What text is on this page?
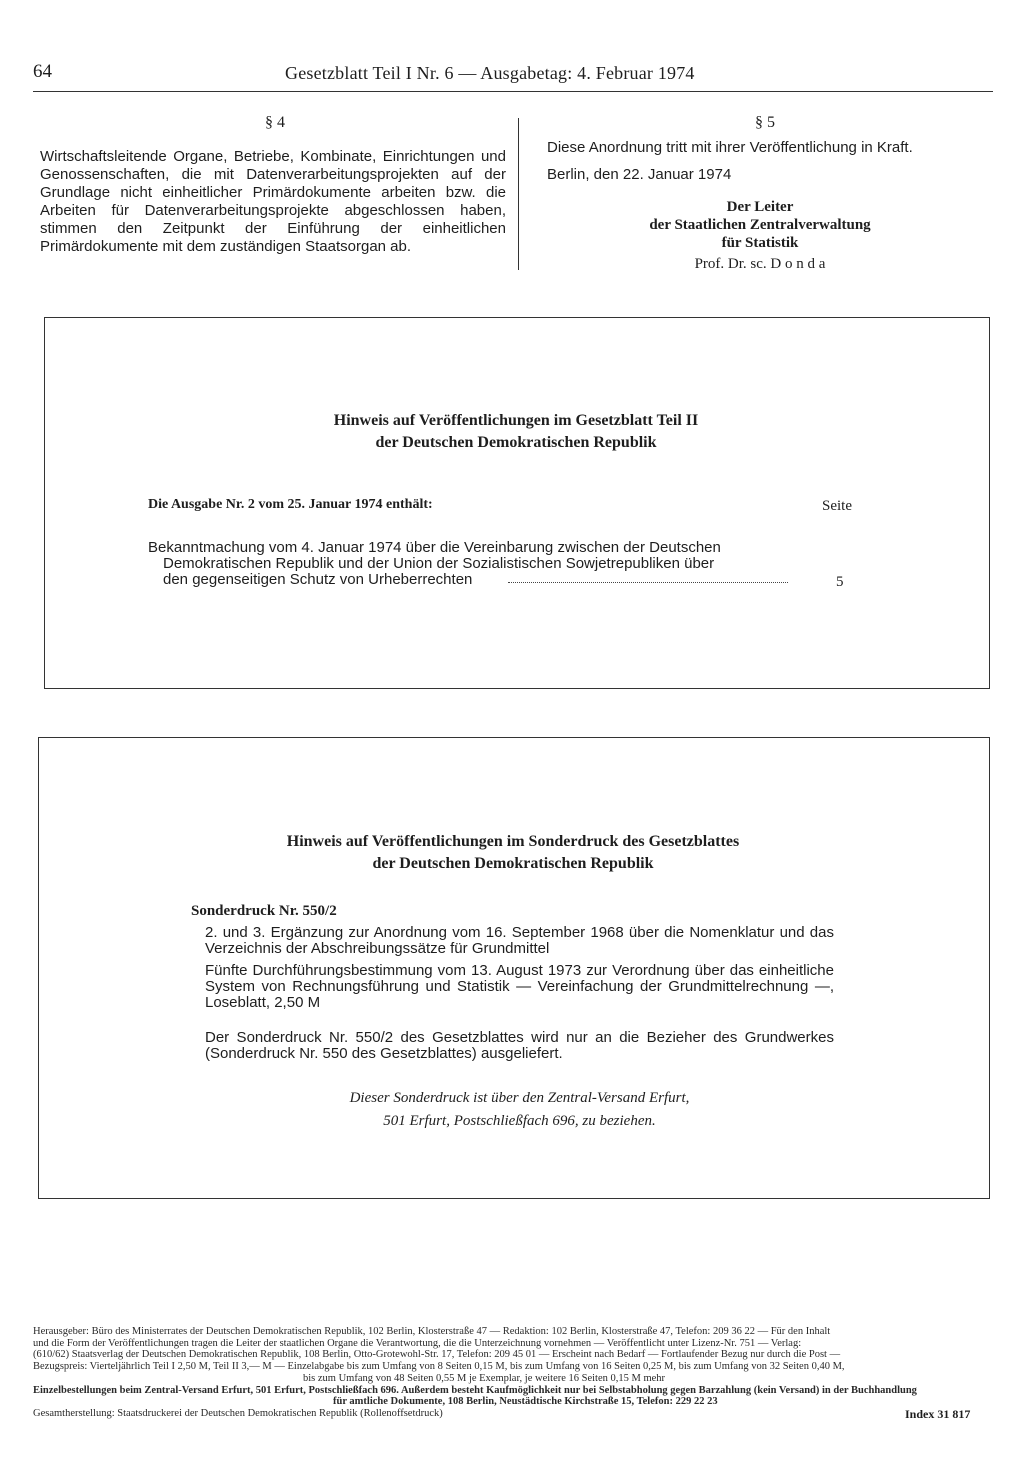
64	Gesetzblatt Teil I Nr. 6 — Ausgabetag: 4. Februar 1974
§ 4
Wirtschaftsleitende Organe, Betriebe, Kombinate, Einrichtungen und Genossenschaften, die mit Datenverarbeitungsprojekten auf der Grundlage nicht einheitlicher Primärdokumente arbeiten bzw. die Arbeiten für Datenverarbeitungsprojekte abgeschlossen haben, stimmen den Zeitpunkt der Einführung der einheitlichen Primärdokumente mit dem zuständigen Staatsorgan ab.
§ 5
Diese Anordnung tritt mit ihrer Veröffentlichung in Kraft.
Berlin, den 22. Januar 1974
Der Leiter
der Staatlichen Zentralverwaltung
für Statistik
Prof. Dr. sc. D o n d a
Hinweis auf Veröffentlichungen im Gesetzblatt Teil II
der Deutschen Demokratischen Republik
Die Ausgabe Nr. 2 vom 25. Januar 1974 enthält:	Seite
Bekanntmachung vom 4. Januar 1974 über die Vereinbarung zwischen der Deutschen
Demokratischen Republik und der Union der Sozialistischen Sowjetrepubliken über
den gegenseitigen Schutz von Urheberrechten	5
Hinweis auf Veröffentlichungen im Sonderdruck des Gesetzblattes
der Deutschen Demokratischen Republik
Sonderdruck Nr. 550/2
2. und 3. Ergänzung zur Anordnung vom 16. September 1968 über die Nomenklatur und das Verzeichnis der Abschreibungssätze für Grundmittel
Fünfte Durchführungsbestimmung vom 13. August 1973 zur Verordnung über das einheitliche System von Rechnungsführung und Statistik — Vereinfachung der Grundmittelrechnung —, Loseblatt, 2,50 M
Der Sonderdruck Nr. 550/2 des Gesetzblattes wird nur an die Bezieher des Grundwerkes (Sonderdruck Nr. 550 des Gesetzblattes) ausgeliefert.
Dieser Sonderdruck ist über den Zentral-Versand Erfurt,
501 Erfurt, Postschließfach 696, zu beziehen.

Herausgeber: Büro des Ministerrates der Deutschen Demokratischen Republik, 102 Berlin, Klosterstraße 47 — Redaktion: 102 Berlin, Klosterstraße 47, Telefon: 209 36 22 — Für den Inhalt

und die Form der Veröffentlichungen tragen die Leiter der staatlichen Organe die Verantwortung, die die Unterzeichnung vornehmen — Veröffentlicht unter Lizenz-Nr. 751 — Verlag:

(610/62) Staatsverlag der Deutschen Demokratischen Republik, 108 Berlin, Otto-Grotewohl-Str. 17, Telefon: 209 45 01 — Erscheint nach Bedarf — Fortlaufender Bezug nur durch die Post —

Bezugspreis: Vierteljährlich Teil I 2,50 M, Teil II 3,— M — Einzelabgabe bis zum Umfang von 8 Seiten 0,15 M, bis zum Umfang von 16 Seiten 0,25 M, bis zum Umfang von 32 Seiten 0,40 M,

bis zum Umfang von 48 Seiten 0,55 M je Exemplar, je weitere 16 Seiten 0,15 M mehr

Einzelbestellungen beim Zentral-Versand Erfurt, 501 Erfurt, Postschließfach 696. Außerdem besteht Kaufmöglichkeit nur bei Selbstabholung gegen Barzahlung (kein Versand) in der Buchhandlung

für amtliche Dokumente, 108 Berlin, Neustädtische Kirchstraße 15, Telefon: 229 22 23

Gesamtherstellung: Staatsdruckerei der Deutschen Demokratischen Republik (Rollenoffsetdruck)	Index 31 817
